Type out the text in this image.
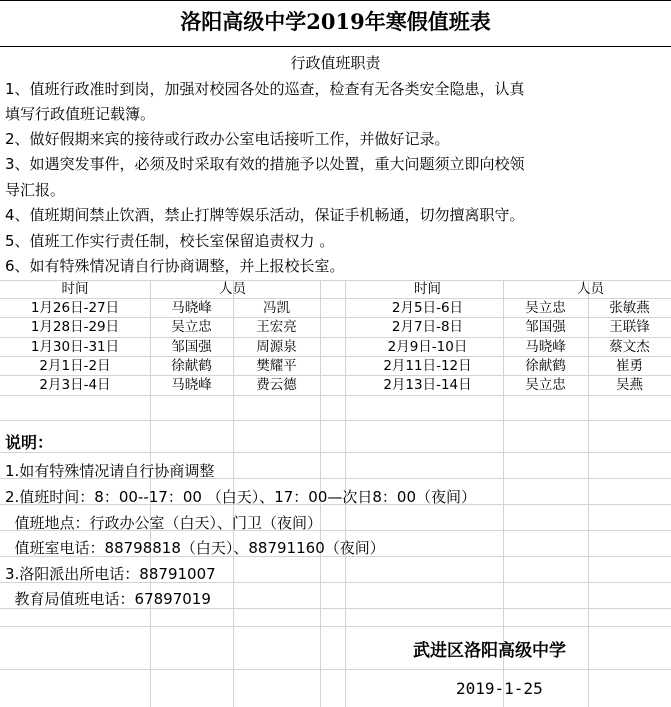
洛阳高级中学2019年寒假值班表
行政值班职责
1、值班行政准时到岗，加强对校园各处的巡查，检查有无各类安全隐患，认真
填写行政值班记载簿。
2、做好假期来宾的接待或行政办公室电话接听工作，并做好记录。
3、如遇突发事件，必须及时采取有效的措施予以处置，重大问题须立即向校领
导汇报。
4、值班期间禁止饮酒，禁止打牌等娱乐活动，保证手机畅通，切勿擅离职守。
5、值班工作实行责任制，校长室保留追责权力 。
6、如有特殊情况请自行协商调整，并上报校长室。
时间	人员	时间	人员
1月26日-27日	马晓峰	冯凯
1月28日-29日	吴立忠	王宏亮
1月30日-31日	邹国强	周源泉
2月1日-2日	徐献鹤	樊耀平
2月3日-4日	马晓峰	费云德
2月5日-6日	吴立忠	张敏燕
2月7日-8日	邹国强	王联锋
2月9日-10日	马晓峰	蔡文杰
2月11日-12日	徐献鹤	崔勇
2月13日-14日	吴立忠	吴燕
说明：
1.如有特殊情况请自行协商调整
2.值班时间：8：00--17：00 （白天）、17：00—次日8：00（夜间）
值班地点：行政办公室（白天）、门卫（夜间）
值班室电话：88798818（白天）、88791160（夜间）
3.洛阳派出所电话：88791007
教育局值班电话：67897019
武进区洛阳高级中学
2019-1-25
